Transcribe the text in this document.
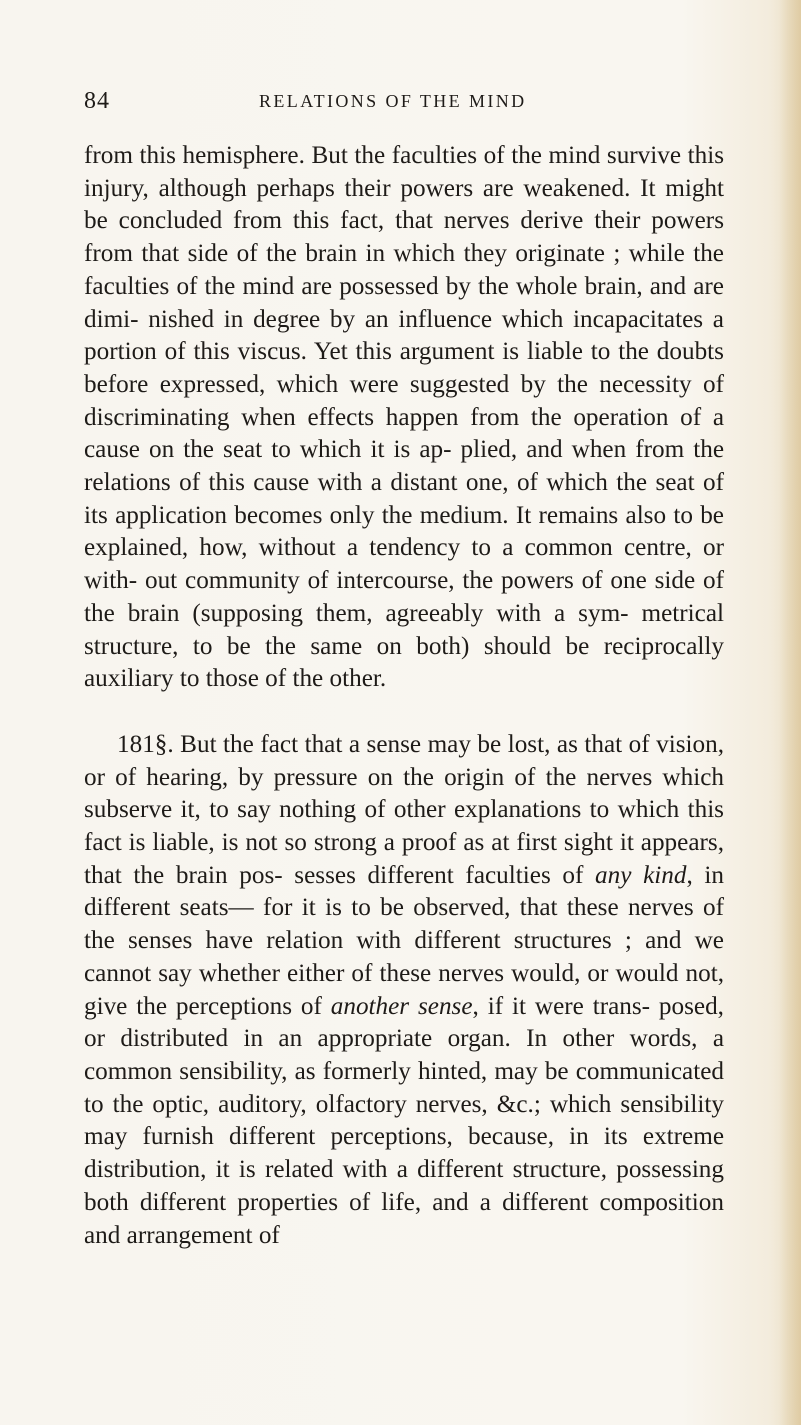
84	RELATIONS OF THE MIND

from this hemisphere. But the faculties of the mind survive this injury, although perhaps their powers are weakened. It might be concluded from this fact, that nerves derive their powers from that side of the brain in which they originate ; while the faculties of the mind are possessed by the whole brain, and are dimi- nished in degree by an influence which incapacitates a portion of this viscus. Yet this argument is liable to the doubts before expressed, which were suggested by the necessity of discriminating when effects happen from the operation of a cause on the seat to which it is ap- plied, and when from the relations of this cause with a distant one, of which the seat of its application becomes only the medium. It remains also to be explained, how, without a tendency to a common centre, or with- out community of intercourse, the powers of one side of the brain (supposing them, agreeably with a sym- metrical structure, to be the same on both) should be reciprocally auxiliary to those of the other.

181§. But the fact that a sense may be lost, as that of vision, or of hearing, by pressure on the origin of the nerves which subserve it, to say nothing of other explanations to which this fact is liable, is not so strong a proof as at first sight it appears, that the brain pos- sesses different faculties of any kind, in different seats— for it is to be observed, that these nerves of the senses have relation with different structures ; and we cannot say whether either of these nerves would, or would not, give the perceptions of another sense, if it were trans- posed, or distributed in an appropriate organ. In other words, a common sensibility, as formerly hinted, may be communicated to the optic, auditory, olfactory nerves, &c.; which sensibility may furnish different perceptions, because, in its extreme distribution, it is related with a different structure, possessing both different properties of life, and a different composition and arrangement of
